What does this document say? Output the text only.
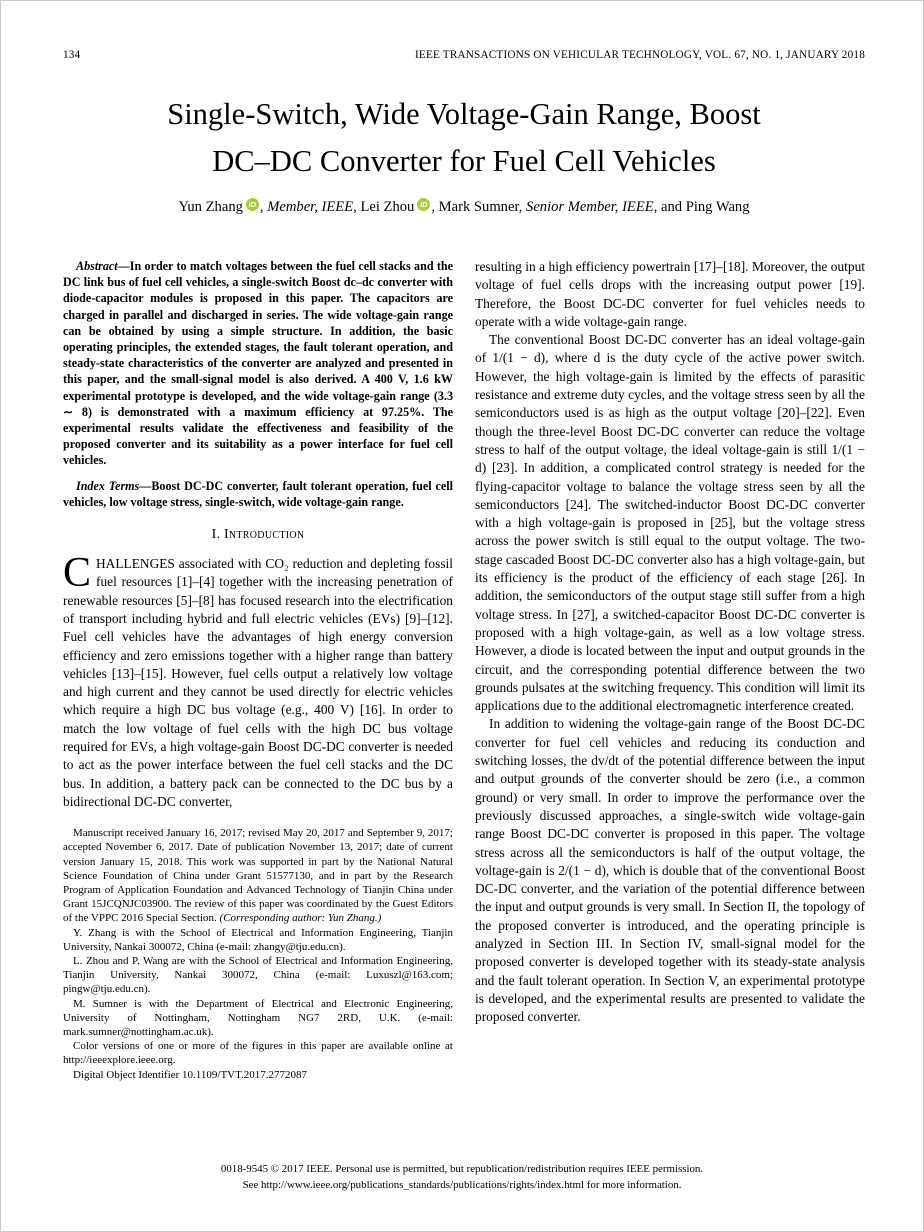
134	IEEE TRANSACTIONS ON VEHICULAR TECHNOLOGY, VOL. 67, NO. 1, JANUARY 2018
Single-Switch, Wide Voltage-Gain Range, Boost
DC–DC Converter for Fuel Cell Vehicles
Yun Zhang iD , Member, IEEE, Lei Zhou iD , Mark Sumner, Senior Member, IEEE, and Ping Wang

Abstract—In order to match voltages between the fuel cell stacks and the DC link bus of fuel cell vehicles, a single-switch Boost dc–dc converter with diode-capacitor modules is proposed in this paper. The capacitors are charged in parallel and discharged in series. The wide voltage-gain range can be obtained by using a simple structure. In addition, the basic operating principles, the extended stages, the fault tolerant operation, and steady-state characteristics of the converter are analyzed and presented in this paper, and the small-signal model is also derived. A 400 V, 1.6 kW experimental prototype is developed, and the wide voltage-gain range (3.3 ∼ 8) is demonstrated with a maximum efficiency at 97.25%. The experimental results validate the effectiveness and feasibility of the proposed converter and its suitability as a power interface for fuel cell vehicles.

Index Terms—Boost DC-DC converter, fault tolerant operation, fuel cell vehicles, low voltage stress, single-switch, wide voltage-gain range.

I. Introduction

CHALLENGES associated with CO₂ reduction and depleting fossil fuel resources [1]–[4] together with the increasing penetration of renewable resources [5]–[8] has focused research into the electrification of transport including hybrid and full electric vehicles (EVs) [9]–[12]. Fuel cell vehicles have the advantages of high energy conversion efficiency and zero emissions together with a higher range than battery vehicles [13]–[15]. However, fuel cells output a relatively low voltage and high current and they cannot be used directly for electric vehicles which require a high DC bus voltage (e.g., 400 V) [16]. In order to match the low voltage of fuel cells with the high DC bus voltage required for EVs, a high voltage-gain Boost DC-DC converter is needed to act as the power interface between the fuel cell stacks and the DC bus. In addition, a battery pack can be connected to the DC bus by a bidirectional DC-DC converter,

Manuscript received January 16, 2017; revised May 20, 2017 and September 9, 2017; accepted November 6, 2017. Date of publication November 13, 2017; date of current version January 15, 2018. This work was supported in part by the National Natural Science Foundation of China under Grant 51577130, and in part by the Research Program of Application Foundation and Advanced Technology of Tianjin China under Grant 15JCQNJC03900. The review of this paper was coordinated by the Guest Editors of the VPPC 2016 Special Section. (Corresponding author: Yun Zhang.)

Y. Zhang is with the School of Electrical and Information Engineering, Tianjin University, Nankai 300072, China (e-mail: zhangy@tju.edu.cn).

L. Zhou and P. Wang are with the School of Electrical and Information Engineering, Tianjin University, Nankai 300072, China (e-mail: Luxuszl@163.com; pingw@tju.edu.cn).

M. Sumner is with the Department of Electrical and Electronic Engineering, University of Nottingham, Nottingham NG7 2RD, U.K. (e-mail: mark.sumner@nottingham.ac.uk).

Color versions of one or more of the figures in this paper are available online at http://ieeexplore.ieee.org.

Digital Object Identifier 10.1109/TVT.2017.2772087

resulting in a high efficiency powertrain [17]–[18]. Moreover, the output voltage of fuel cells drops with the increasing output power [19]. Therefore, the Boost DC-DC converter for fuel vehicles needs to operate with a wide voltage-gain range.

The conventional Boost DC-DC converter has an ideal voltage-gain of 1/(1 − d), where d is the duty cycle of the active power switch. However, the high voltage-gain is limited by the effects of parasitic resistance and extreme duty cycles, and the voltage stress seen by all the semiconductors used is as high as the output voltage [20]–[22]. Even though the three-level Boost DC-DC converter can reduce the voltage stress to half of the output voltage, the ideal voltage-gain is still 1/(1 − d) [23]. In addition, a complicated control strategy is needed for the flying-capacitor voltage to balance the voltage stress seen by all the semiconductors [24]. The switched-inductor Boost DC-DC converter with a high voltage-gain is proposed in [25], but the voltage stress across the power switch is still equal to the output voltage. The two-stage cascaded Boost DC-DC converter also has a high voltage-gain, but its efficiency is the product of the efficiency of each stage [26]. In addition, the semiconductors of the output stage still suffer from a high voltage stress. In [27], a switched-capacitor Boost DC-DC converter is proposed with a high voltage-gain, as well as a low voltage stress. However, a diode is located between the input and output grounds in the circuit, and the corresponding potential difference between the two grounds pulsates at the switching frequency. This condition will limit its applications due to the additional electromagnetic interference created.

In addition to widening the voltage-gain range of the Boost DC-DC converter for fuel cell vehicles and reducing its conduction and switching losses, the dv/dt of the potential difference between the input and output grounds of the converter should be zero (i.e., a common ground) or very small. In order to improve the performance over the previously discussed approaches, a single-switch wide voltage-gain range Boost DC-DC converter is proposed in this paper. The voltage stress across all the semiconductors is half of the output voltage, the voltage-gain is 2/(1 − d), which is double that of the conventional Boost DC-DC converter, and the variation of the potential difference between the input and output grounds is very small. In Section II, the topology of the proposed converter is introduced, and the operating principle is analyzed in Section III. In Section IV, small-signal model for the proposed converter is developed together with its steady-state analysis and the fault tolerant operation. In Section V, an experimental prototype is developed, and the experimental results are presented to validate the proposed converter.

0018-9545 © 2017 IEEE. Personal use is permitted, but republication/redistribution requires IEEE permission.
See http://www.ieee.org/publications_standards/publications/rights/index.html for more information.
